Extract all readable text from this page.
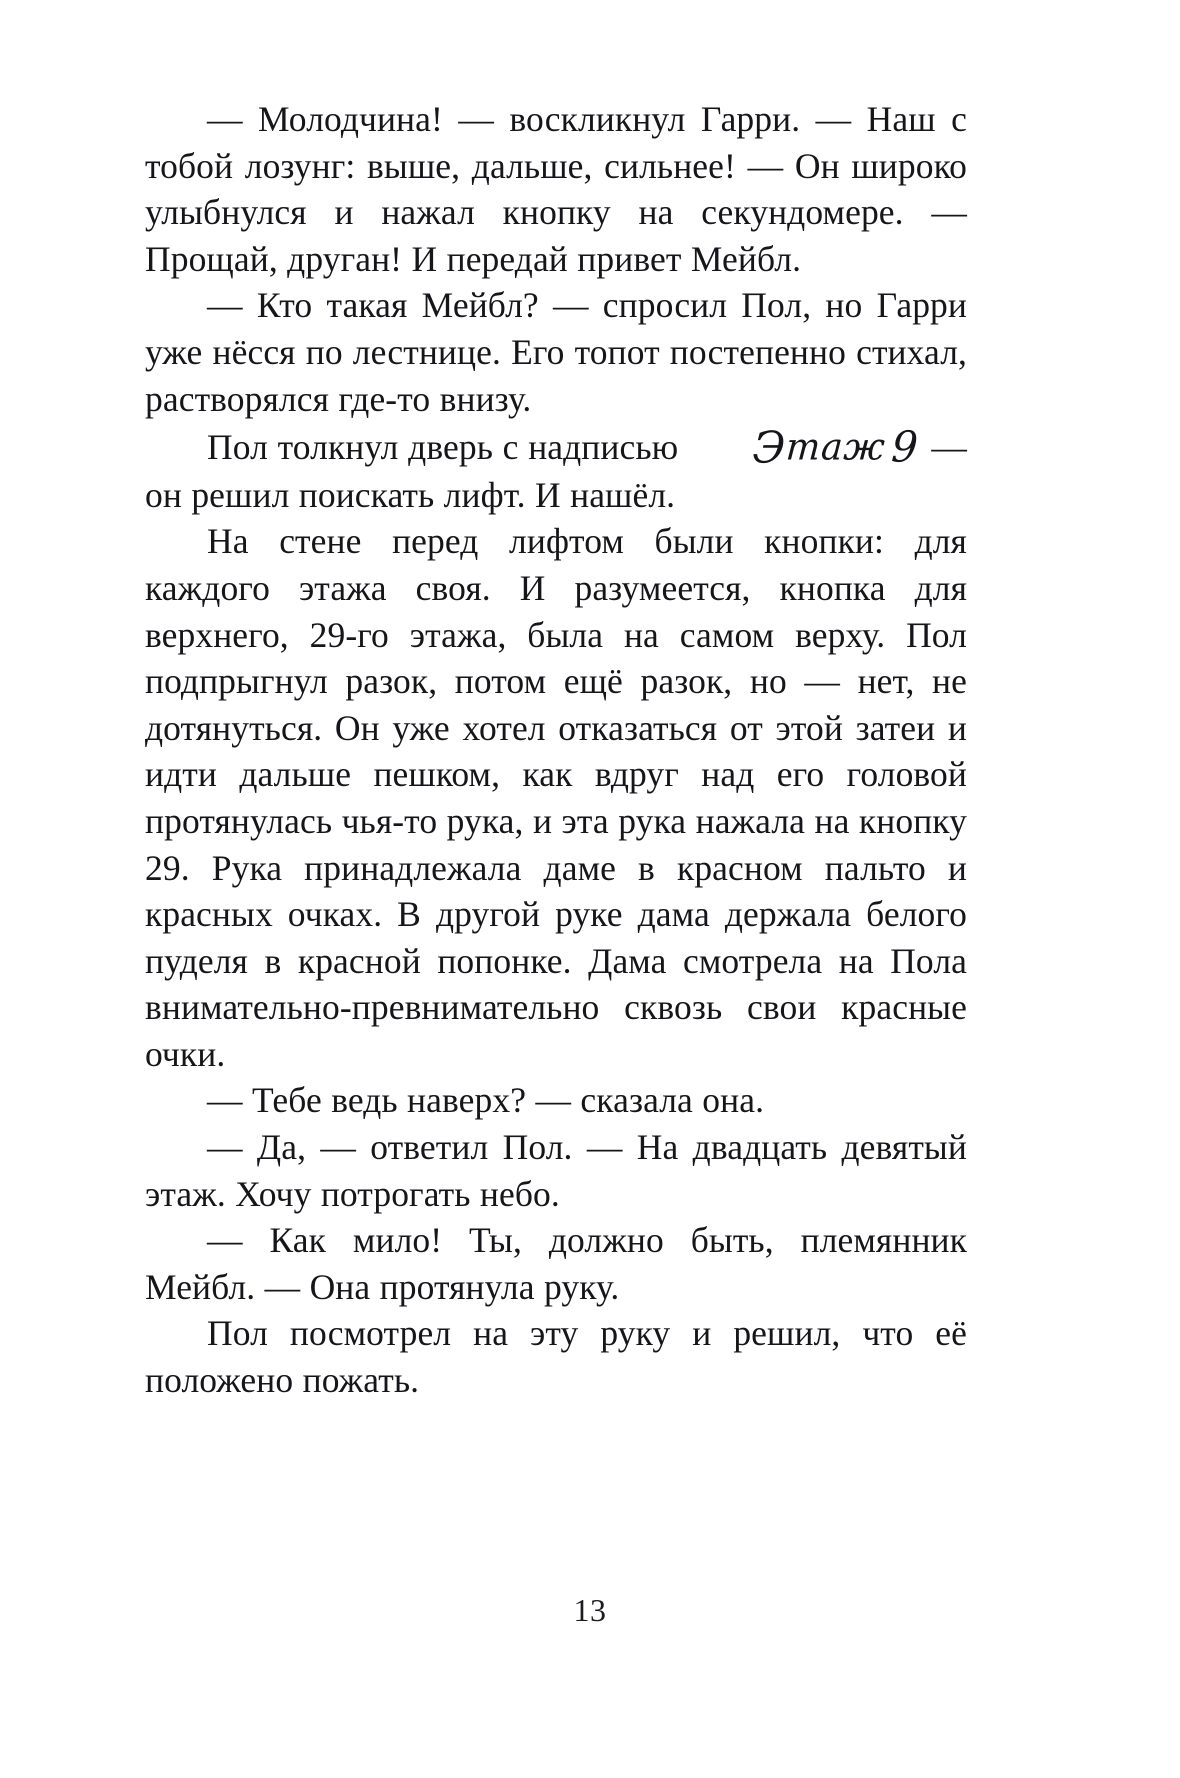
— Молодчина! — воскликнул Гарри. — Наш с тобой лозунг: выше, дальше, сильнее! — Он широко улыбнулся и нажал кнопку на секундомере. — Прощай, друган! И передай привет Мейбл.

— Кто такая Мейбл? — спросил Пол, но Гарри уже нёсся по лестнице. Его топот постепенно стихал, растворялся где-то внизу.

Пол толкнул дверь с надписью Этаж9 — он решил поискать лифт. И нашёл.

На стене перед лифтом были кнопки: для каждого этажа своя. И разумеется, кнопка для верхнего, 29-го этажа, была на самом верху. Пол подпрыгнул разок, потом ещё разок, но — нет, не дотянуться. Он уже хотел отказаться от этой затеи и идти дальше пешком, как вдруг над его головой протянулась чья-то рука, и эта рука нажала на кнопку 29. Рука принадлежала даме в красном пальто и красных очках. В другой руке дама держала белого пуделя в красной попонке. Дама смотрела на Пола внимательно-превнимательно сквозь свои красные очки.

— Тебе ведь наверх? — сказала она.

— Да, — ответил Пол. — На двадцать девятый этаж. Хочу потрогать небо.

— Как мило! Ты, должно быть, племянник Мейбл. — Она протянула руку.

Пол посмотрел на эту руку и решил, что её положено пожать.

13
